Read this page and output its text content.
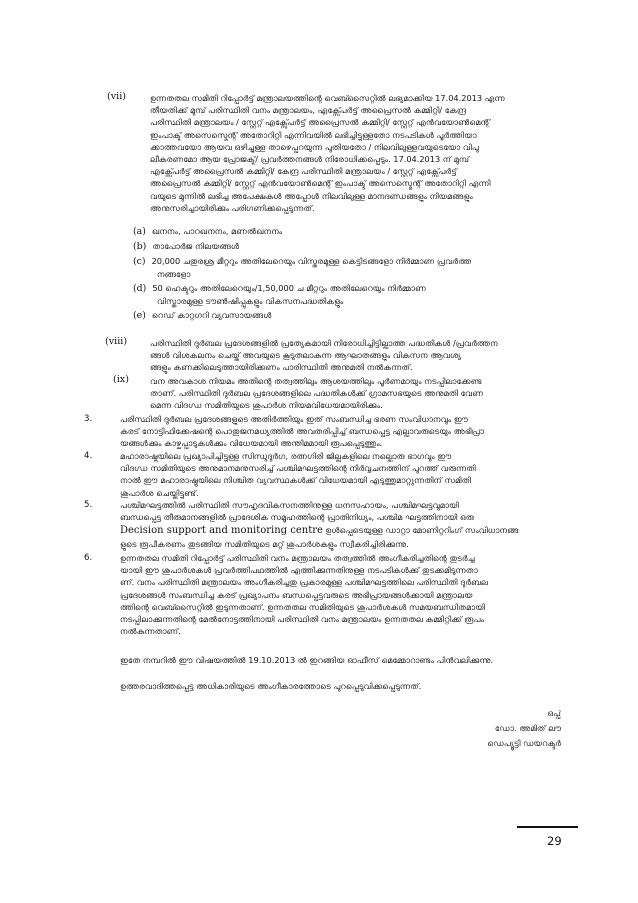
(vii)	ഉന്നതതല സമിതി റിപ്പോർട്ട് മന്ത്രാലയത്തിന്റെ വെബ്സൈറ്റിൽ ലഭ്യമാക്കിയ 17.04.2013 എന്ന
തീയതിക്ക് മുമ്പ് പരിസ്ഥിതി വനം മന്ത്രാലയം, എക്സ്പേർട്ട് അപ്രൈസൽ കമ്മിറ്റി/ കേന്ദ്ര
പരിസ്ഥിതി മന്ത്രാലയം / സ്റ്റേറ്റ് എക്സ്പേർട്ട് അപ്രൈസൽ കമ്മിറ്റി/ സ്റ്റേറ്റ് എൻവയോൺമെന്റ്
ഇംപാക്ട് അസെസ്മെന്റ് അതോറിറ്റി എന്നിവയിൽ ലഭിച്ചിട്ടുള്ളതോ നടപടികൾ പൂർത്തിയാ
ക്കാത്തവയോ ആയവ ഒഴിച്ചുള്ള താഴെപ്പറയുന്ന പുതിയതോ / നിലവിലുള്ളവയുടെയോ വിപു
ലീകരണമോ ആയ പ്രോജക്ട്/ പ്രവർത്തനങ്ങൾ നിരോധിക്കപ്പെടും. 17.04.2013 ന് മുമ്പ്
എക്സ്പേർട്ട് അപ്രൈസൽ കമ്മിറ്റി/ കേന്ദ്ര പരിസ്ഥിതി മന്ത്രാലയം / സ്റ്റേറ്റ് എക്സ്പേർട്ട്
അപ്രൈസൽ കമ്മിറ്റി/ സ്റ്റേറ്റ് എൻവയോൺമെന്റ് ഇംപാക്ട് അസെസ്മെന്റ് അതോറിറ്റി എന്നി
വയുടെ മുന്നിൽ ലഭിച്ച അപേക്ഷകൾ അപ്പോൾ നിലവിലുള്ള മാനദണ്ഡങ്ങളും നിയമങ്ങളും
അനുസരിച്ചായിരിക്കും പരിഗണിക്കപ്പെടുന്നത്.
(a) ഖനനം, പാറഖനനം, മണൽഖനനം
(b) താപോർജ നിലയങ്ങൾ
(c) 20,000 ചതുരശ്ര മീറ്ററും അതിലേറെയും വിസ്തരമുള്ള കെട്ടിടങ്ങളോ നിർമ്മാണ പ്രവർത്ത
നങ്ങളോ
(d) 50 ഹെക്ടറും അതിലേറെയും/1,50,000 ച മീറ്ററും അതിലേറെയും നിർമ്മാണ
വിസ്താരമുള്ള ടൗൺഷിപ്പുകളും വികസനപദ്ധതികളും
(e) റെഡ് കാറ്റഗറി വ്യവസായങ്ങൾ
(viii)	പരിസ്ഥിതി ദുർബല പ്രദേശങ്ങളിൽ പ്രത്യേകമായി നിരോധിച്ചിട്ടില്ലാത്ത പദ്ധതികൾ /പ്രവർത്തന
ങ്ങൾ വിശകലനം ചെയ്ത് അവയുടെ കൂടുതലാകുന്ന ആഘാതങ്ങളും വികസന ആവശ്യ
ങ്ങളും കണക്കിലെടുത്തായിരിക്കണം പാരിസ്ഥിതി അനുമതി നൽകുന്നത്.
(ix)	വന അവകാശ നിയമം അതിന്റെ തത്വത്തിലും ആശയത്തിലും പൂർണമായും നടപ്പിലാക്കേണ്ട
താണ്. പരിസ്ഥിതി ദുർബല പ്രദേശങ്ങളിലെ പദ്ധതികൾക്ക് ഗ്രാമസഭയുടെ അനുമതി വേണ
മെന്ന വിദഗ്ധ സമിതിയുടെ ശുപാർശ നിയമവിധേയമായിരിക്കും.
3.	പരിസ്ഥിതി ദുർബല പ്രദേശങ്ങളുടെ അതിർത്തിയും ഇത് സംബന്ധിച്ച ഭരണ സംവിധാനവും ഈ
കരട് നോട്ടിഫിക്കേഷന്റെ പൊതുജനമധ്യത്തിൽ അവതരിപ്പിച്ച് ബന്ധപ്പെട്ട എല്ലാവരുടെയും അഭിപ്രാ
യങ്ങൾക്കും കാഴ്ചപ്പാടുകൾക്കും വിധേയമായി അന്തിമമായി രൂപപ്പെടുത്തും.
4.	മഹാരാഷ്ട്രയിലെ പ്രഖ്യാപിച്ചിട്ടുള്ള സിന്ധുദുർഗ, രത്നഗിരി ജില്ലകളിലെ നല്ലൊരു ഭാഗവും ഈ
വിദഗ്ധ സമിതിയുടെ അനുമാനമനുസരിച്ച് പശ്ചിമഘട്ടത്തിന്റെ നിർവ്വചനത്തിന് പുറത്ത് വരുന്നതി
നാൽ ഈ മഹാരാഷ്ട്രയിലെ നിശ്ചിത വ്യവസ്ഥകൾക്ക് വിധേയമായി എടുത്തുമാറ്റുന്നതിന് സമിതി
ശുപാർശ ചെയ്തിട്ടുണ്ട്.
5.	പശ്ചിമഘട്ടത്തിൽ പരിസ്ഥിതി സൗഹൃദവികസനത്തിനുള്ള ധനസഹായം, പശ്ചിമഘട്ടവുമായി
ബന്ധപ്പെട്ട തീരുമാനങ്ങളിൽ പ്രാദേശിക സമൂഹത്തിന്റെ പ്രാതിനിധ്യം, പശ്ചിമ ഘട്ടത്തിനായി ഒരു
Decision support and monitoring centre ഉൾപ്പെടെയുള്ള ഡാറ്റാ മോണിറ്ററിംഗ് സംവിധാനങ്ങ
ളുടെ രൂപീകരണം തുടങ്ങിയ സമിതിയുടെ മറ്റ് ശുപാർശകളും സ്വീകരിച്ചിരിക്കുന്നു.
6.	ഉന്നതതല സമിതി റിപ്പോർട്ട് പരിസ്ഥിതി വനം മന്ത്രാലയം തത്വത്തിൽ അംഗീകരിച്ചതിന്റെ തുടർച്ച
യായി ഈ ശുപാർശകൾ പ്രവർത്തിപഥത്തിൽ എത്തിക്കുന്നതിനുള്ള നടപടികൾക്ക് തുടക്കമിടുന്നതാ
ണ്. വനം പരിസ്ഥിതി മന്ത്രാലയം അംഗീകരിച്ചതു പ്രകാരമുള്ള പശ്ചിമഘട്ടത്തിലെ പരിസ്ഥിതി ദുർബല
പ്രദേശങ്ങൾ സംബന്ധിച്ച കരട് പ്രഖ്യാപനം ബന്ധപ്പെട്ടവരുടെ അഭിപ്രായങ്ങൾക്കായി മന്ത്രാലയ
ത്തിന്റെ വെബ്സൈറ്റിൽ ഇടുന്നതാണ്. ഉന്നതതല സമിതിയുടെ ശുപാർശകൾ സമയബന്ധിതമായി
നടപ്പിലാക്കുന്നതിന്റെ മേൽനോട്ടത്തിനായി പരിസ്ഥിതി വനം മന്ത്രാലയം ഉന്നതതല കമ്മിറ്റിക്ക് രൂപം
നൽകുന്നതാണ്.
ഇതേ നമ്പറിൽ ഈ വിഷയത്തിൽ 19.10.2013 ൽ ഇറങ്ങിയ ഓഫീസ് മെമ്മോറാണ്ടം പിൻവലിക്കുന്നു.
ഉത്തരവാദിത്തപ്പെട്ട അധികാരിയുടെ അംഗീകാരത്തോടെ പുറപ്പെടുവിക്കപ്പെടുന്നത്.
ഒപ്പ്
ഡോ. അമിത് ലൗ
ഡെപ്യൂട്ടി ഡയറക്ടർ
29
